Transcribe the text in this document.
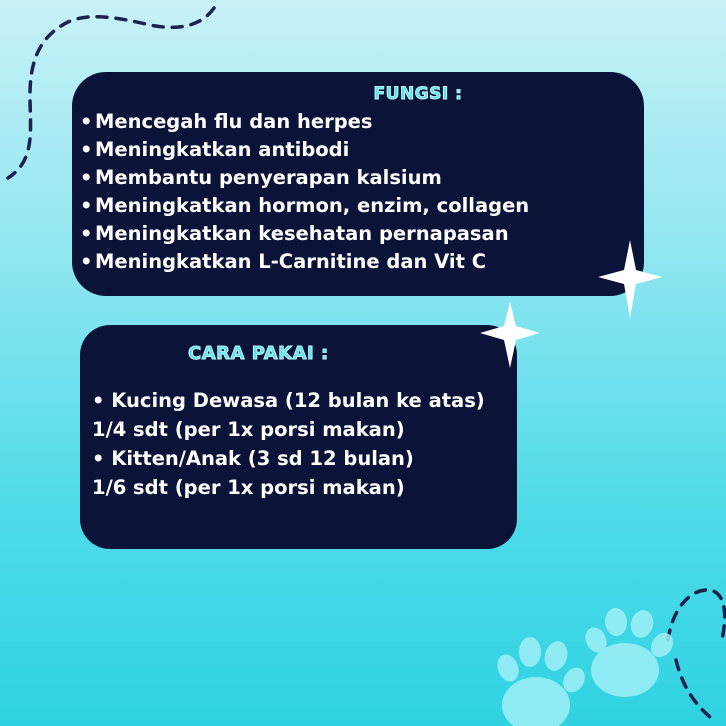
FUNGSI :
• Mencegah flu dan herpes
• Meningkatkan antibodi
• Membantu penyerapan kalsium
• Meningkatkan hormon, enzim, collagen
• Meningkatkan kesehatan pernapasan
• Meningkatkan L-Carnitine dan Vit C
CARA PAKAI :
• Kucing Dewasa (12 bulan ke atas)
1/4 sdt (per 1x porsi makan)
• Kitten/Anak (3 sd 12 bulan)
1/6 sdt (per 1x porsi makan)
